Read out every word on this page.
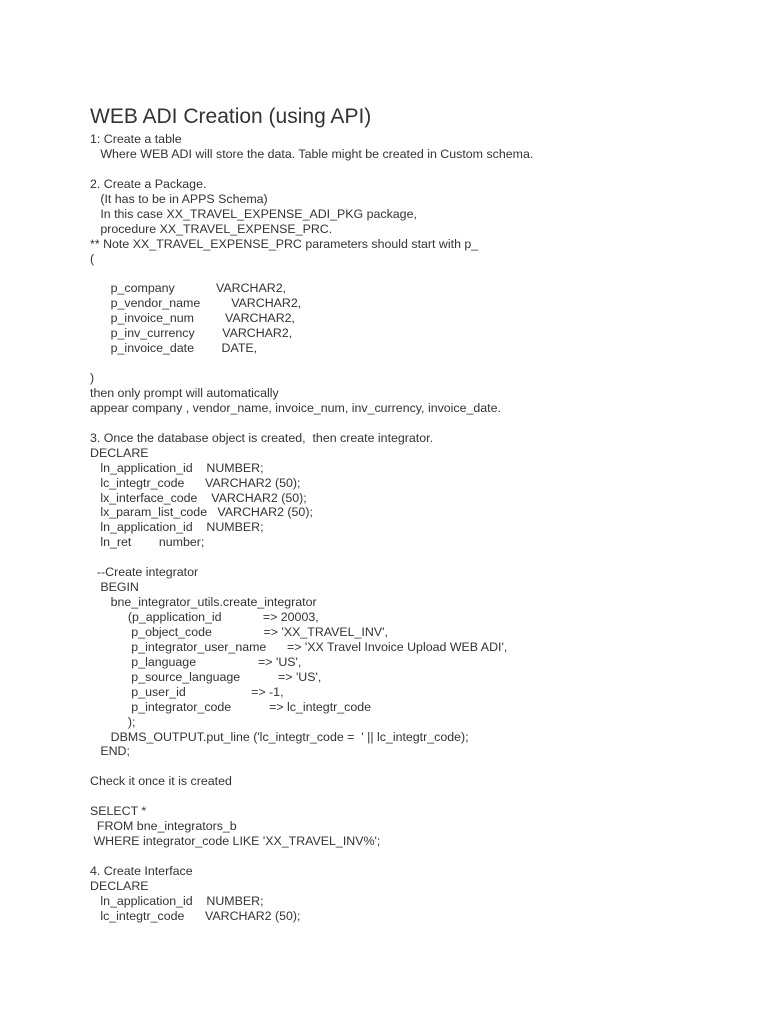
WEB ADI Creation (using API)
1: Create a table
Where WEB ADI will store the data. Table might be created in Custom schema.
2. Create a Package.
(It has to be in APPS Schema)
In this case XX_TRAVEL_EXPENSE_ADI_PKG package,
procedure XX_TRAVEL_EXPENSE_PRC.
** Note XX_TRAVEL_EXPENSE_PRC parameters should start with p_
(
p_company            VARCHAR2,
p_vendor_name         VARCHAR2,
p_invoice_num         VARCHAR2,
p_inv_currency        VARCHAR2,
p_invoice_date        DATE,
)
then only prompt will automatically
appear company , vendor_name, invoice_num, inv_currency, invoice_date.
3. Once the database object is created,  then create integrator.
DECLARE
ln_application_id    NUMBER;
lc_integtr_code      VARCHAR2 (50);
lx_interface_code    VARCHAR2 (50);
lx_param_list_code   VARCHAR2 (50);
ln_application_id    NUMBER;
ln_ret        number;
--Create integrator
BEGIN
bne_integrator_utils.create_integrator
(p_application_id            => 20003,
p_object_code               => 'XX_TRAVEL_INV',
p_integrator_user_name      => 'XX Travel Invoice Upload WEB ADI',
p_language                  => 'US',
p_source_language           => 'US',
p_user_id                   => -1,
p_integrator_code           => lc_integtr_code
);
DBMS_OUTPUT.put_line ('lc_integtr_code =  ' || lc_integtr_code);
END;
Check it once it is created
SELECT *
FROM bne_integrators_b
WHERE integrator_code LIKE 'XX_TRAVEL_INV%';
4. Create Interface
DECLARE
ln_application_id    NUMBER;
lc_integtr_code      VARCHAR2 (50);
